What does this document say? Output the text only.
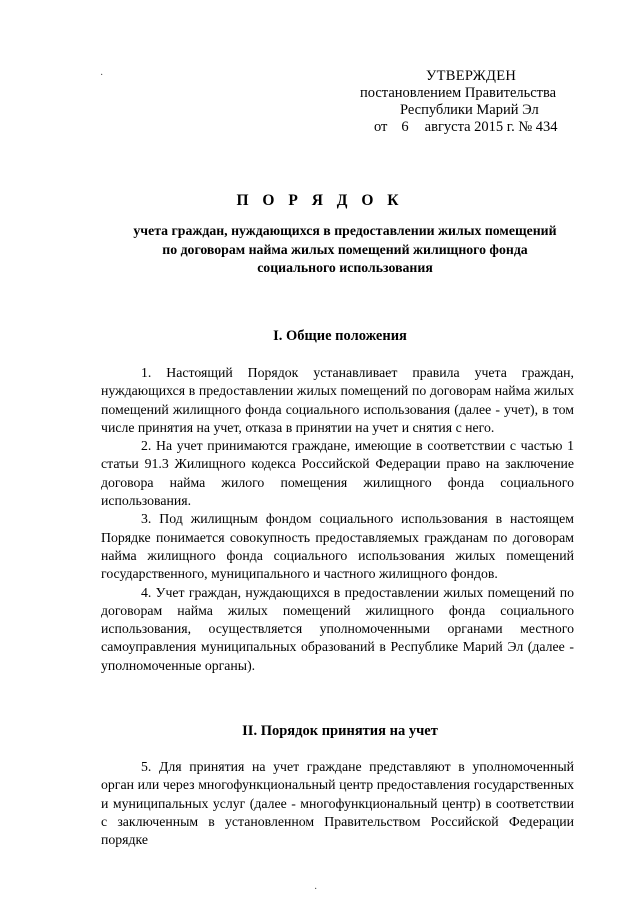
УТВЕРЖДЕН
постановлением Правительства
Республики Марий Эл
от 6 августа 2015 г. № 434
П О Р Я Д О К
учета граждан, нуждающихся в предоставлении жилых помещений
по договорам найма жилых помещений жилищного фонда
социального использования
I. Общие положения

1. Настоящий Порядок устанавливает правила учета граждан, нуждающихся в предоставлении жилых помещений по договорам найма жилых помещений жилищного фонда социального использования (далее - учет), в том числе принятия на учет, отказа в принятии на учет и снятия с него.

2. На учет принимаются граждане, имеющие в соответствии с частью 1 статьи 91.3 Жилищного кодекса Российской Федерации право на заключение договора найма жилого помещения жилищного фонда социального использования.

3. Под жилищным фондом социального использования в настоящем Порядке понимается совокупность предоставляемых гражданам по договорам найма жилищного фонда социального использования жилых помещений государственного, муниципального и частного жилищного фондов.

4. Учет граждан, нуждающихся в предоставлении жилых помещений по договорам найма жилых помещений жилищного фонда социального использования, осуществляется уполномоченными органами местного самоуправления муниципальных образований в Республике Марий Эл (далее - уполномоченные органы).

II. Порядок принятия на учет

5. Для принятия на учет граждане представляют в уполномоченный орган или через многофункциональный центр предоставления государственных и муниципальных услуг (далее - многофункциональный центр) в соответствии с заключенным в установленном Правительством Российской Федерации порядке

·
·
